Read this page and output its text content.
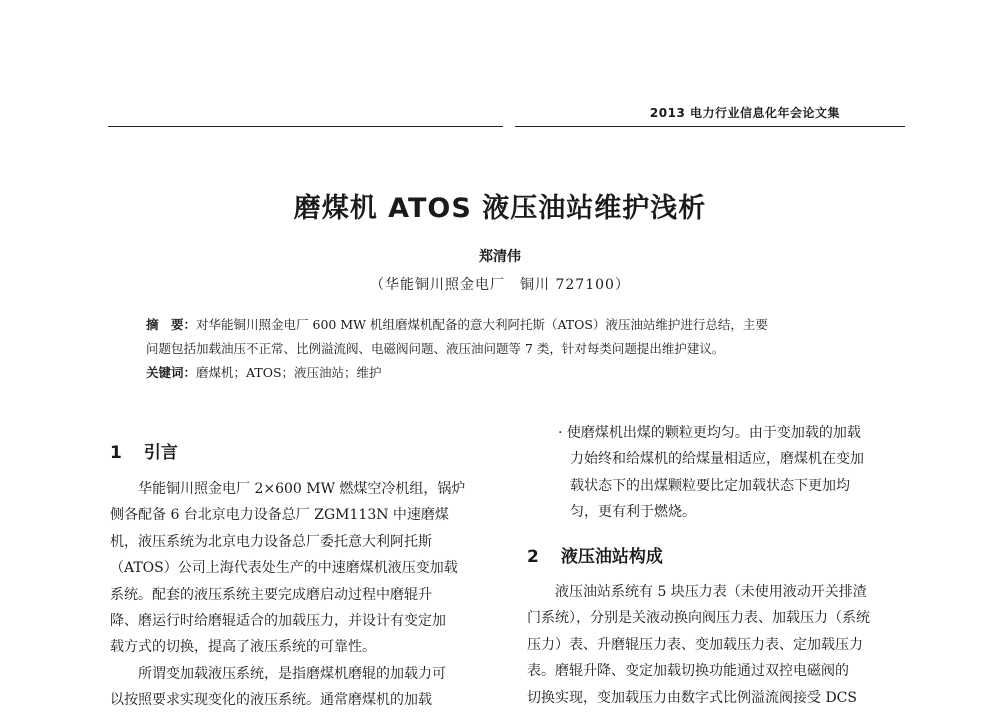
2013 电力行业信息化年会论文集
磨煤机 ATOS 液压油站维护浅析
郑清伟
（华能铜川照金电厂　铜川 727100）
摘　要：对华能铜川照金电厂 600 MW 机组磨煤机配备的意大利阿托斯（ATOS）液压油站维护进行总结，主要
问题包括加载油压不正常、比例溢流阀、电磁阀问题、液压油问题等 7 类，针对每类问题提出维护建议。
关键词：磨煤机；ATOS；液压油站；维护
1 引言

华能铜川照金电厂 2×600 MW 燃煤空冷机组，锅炉

侧各配备 6 台北京电力设备总厂 ZGM113N 中速磨煤

机，液压系统为北京电力设备总厂委托意大利阿托斯

（ATOS）公司上海代表处生产的中速磨煤机液压变加载

系统。配套的液压系统主要完成磨启动过程中磨辊升

降、磨运行时给磨辊适合的加载压力，并设计有变定加

载方式的切换，提高了液压系统的可靠性。

所谓变加载液压系统，是指磨煤机磨辊的加载力可

以按照要求实现变化的液压系统。通常磨煤机的加载

· 使磨煤机出煤的颗粒更均匀。由于变加载的加载

力始终和给煤机的给煤量相适应，磨煤机在变加

载状态下的出煤颗粒要比定加载状态下更加均

匀，更有利于燃烧。

2 液压油站构成

液压油站系统有 5 块压力表（未使用液动开关排渣

门系统），分别是关液动换向阀压力表、加载压力（系统

压力）表、升磨辊压力表、变加载压力表、定加载压力

表。磨辊升降、变定加载切换功能通过双控电磁阀的

切换实现，变加载压力由数字式比例溢流阀接受 DCS
